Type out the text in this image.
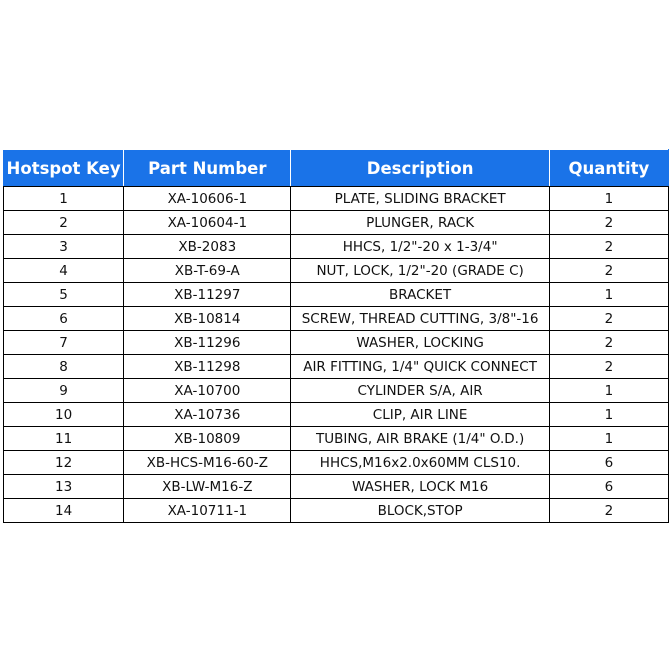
Hotspot Key	Part Number	Description	Quantity
1	XA-10606-1	PLATE, SLIDING BRACKET	1
2	XA-10604-1	PLUNGER, RACK	2
3	XB-2083	HHCS, 1/2"-20 x 1-3/4"	2
4	XB-T-69-A	NUT, LOCK, 1/2"-20 (GRADE C)	2
5	XB-11297	BRACKET	1
6	XB-10814	SCREW, THREAD CUTTING, 3/8"-16	2
7	XB-11296	WASHER, LOCKING	2
8	XB-11298	AIR FITTING, 1/4" QUICK CONNECT	2
9	XA-10700	CYLINDER S/A, AIR	1
10	XA-10736	CLIP, AIR LINE	1
11	XB-10809	TUBING, AIR BRAKE (1/4" O.D.)	1
12	XB-HCS-M16-60-Z	HHCS,M16x2.0x60MM CLS10.	6
13	XB-LW-M16-Z	WASHER, LOCK M16	6
14	XA-10711-1	BLOCK,STOP	2
